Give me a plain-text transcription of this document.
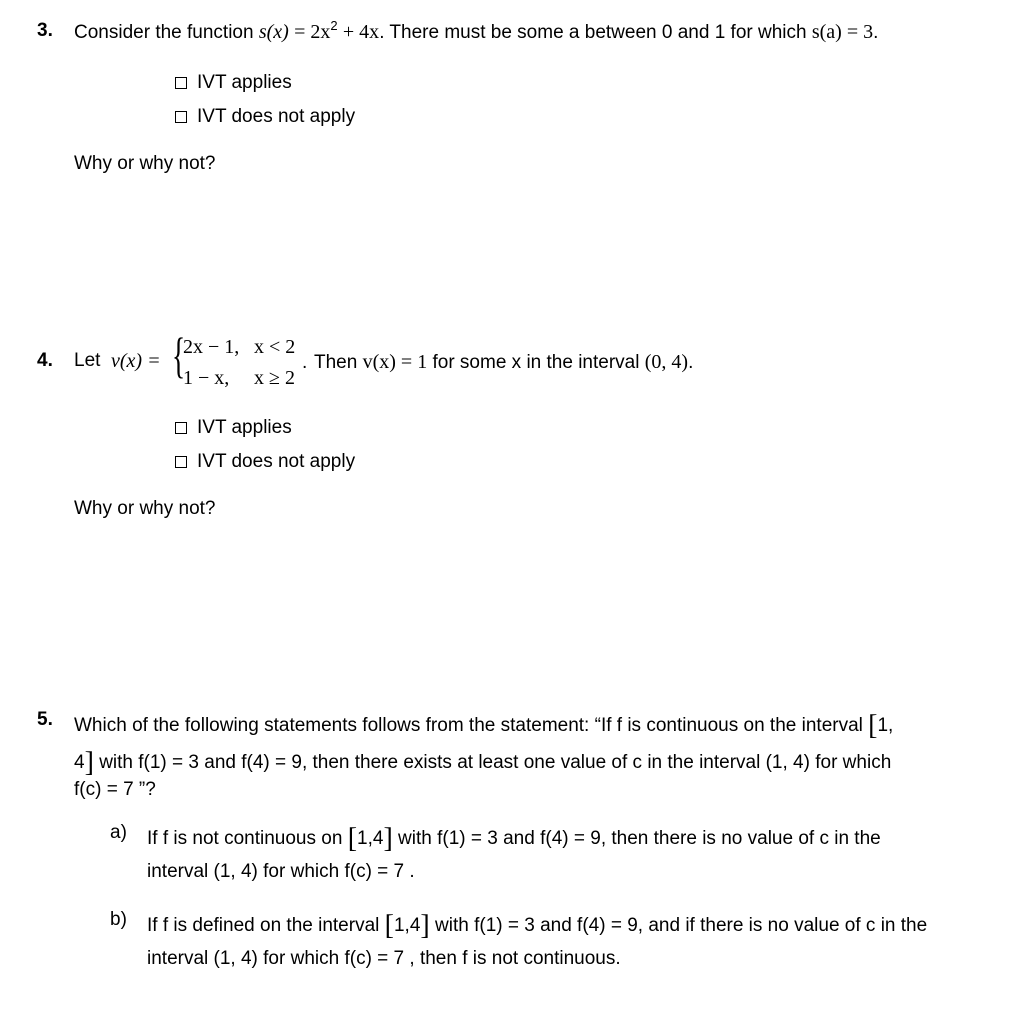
3. Consider the function $s(x) = 2x^2 + 4x$. There must be some a between 0 and 1 for which s(a) = 3.
IVT applies
IVT does not apply
Why or why not?
4. Let v(x) = {
2x − 1, x < 2
1 − x, x ≥ 2
. Then v(x) = 1 for some x in the interval (0, 4).
IVT applies
IVT does not apply
Why or why not?
5. Which of the following statements follows from the statement: “If f is continuous on the interval [1,
4] with f(1) = 3 and f(4) = 9, then there exists at least one value of c in the interval (1, 4) for which
f(c) = 7 ”?
a) If f is not continuous on [1,4] with f(1) = 3 and f(4) = 9, then there is no value of c in the
interval (1, 4) for which f(c) = 7 .
b) If f is defined on the interval [1,4] with f(1) = 3 and f(4) = 9, and if there is no value of c in the
interval (1, 4) for which f(c) = 7 , then f is not continuous.
